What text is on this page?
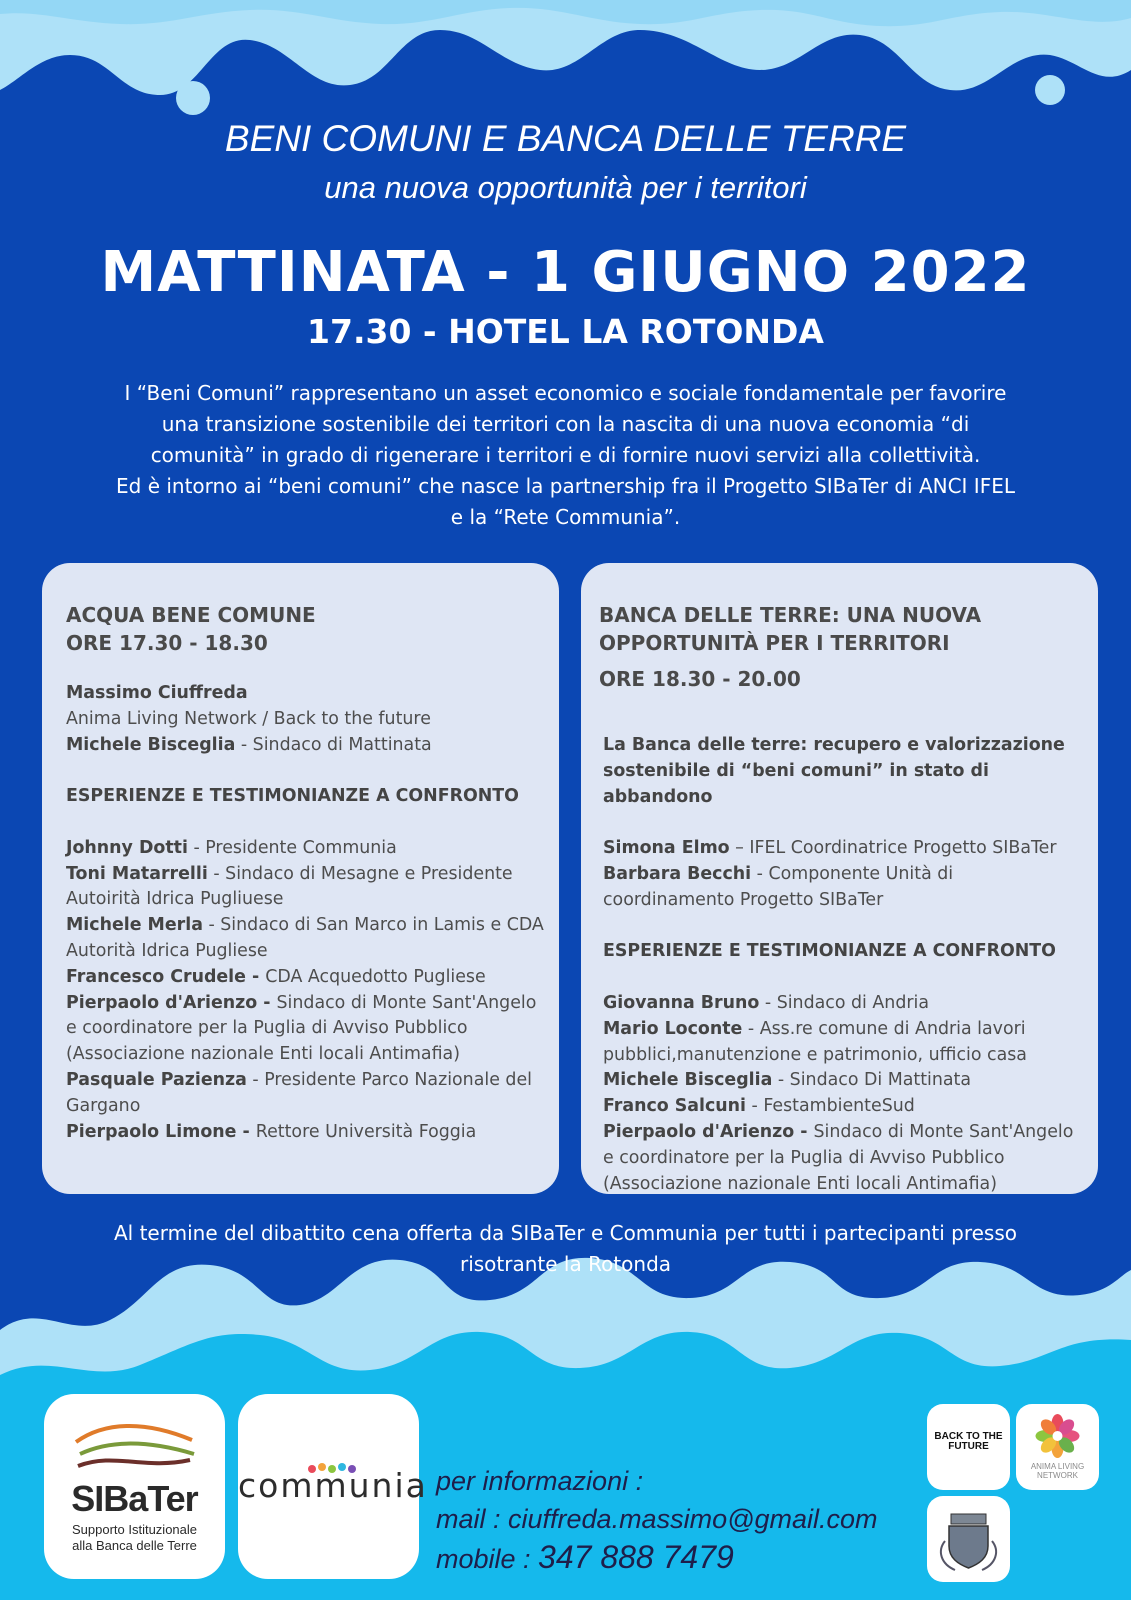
BENI COMUNI E BANCA DELLE TERRE
una nuova opportunità per i territori
MATTINATA - 1 GIUGNO 2022
17.30 - HOTEL LA ROTONDA
I “Beni Comuni” rappresentano un asset economico e sociale fondamentale per favorire
una transizione sostenibile dei territori con la nascita di una nuova economia “di
comunità” in grado di rigenerare i territori e di fornire nuovi servizi alla collettività.
Ed è intorno ai “beni comuni” che nasce la partnership fra il Progetto SIBaTer di ANCI IFEL
e la “Rete Communia”.
ACQUA BENE COMUNE
ORE 17.30 - 18.30
Massimo Ciuffreda
Anima Living Network / Back to the future
Michele Bisceglia - Sindaco di Mattinata
ESPERIENZE E TESTIMONIANZE A CONFRONTO
Johnny Dotti - Presidente Communia
Toni Matarrelli - Sindaco di Mesagne e Presidente Autoirità Idrica Pugliuese
Michele Merla - Sindaco di San Marco in Lamis e CDA Autorità Idrica Pugliese
Francesco Crudele - CDA Acquedotto Pugliese
Pierpaolo d'Arienzo - Sindaco di Monte Sant'Angelo e coordinatore per la Puglia di Avviso Pubblico (Associazione nazionale Enti locali Antimafia)
Pasquale Pazienza - Presidente Parco Nazionale del Gargano
Pierpaolo Limone - Rettore Università Foggia
BANCA DELLE TERRE: UNA NUOVA
OPPORTUNITÀ PER I TERRITORI
ORE 18.30 - 20.00
La Banca delle terre: recupero e valorizzazione sostenibile di “beni comuni” in stato di abbandono
Simona Elmo – IFEL Coordinatrice Progetto SIBaTer
Barbara Becchi - Componente Unità di coordinamento Progetto SIBaTer
ESPERIENZE E TESTIMONIANZE A CONFRONTO
Giovanna Bruno - Sindaco di Andria
Mario Loconte - Ass.re comune di Andria lavori pubblici,manutenzione e patrimonio, ufficio casa
Michele Bisceglia - Sindaco Di Mattinata
Franco Salcuni - FestambienteSud
Pierpaolo d'Arienzo - Sindaco di Monte Sant'Angelo e coordinatore per la Puglia di Avviso Pubblico (Associazione nazionale Enti locali Antimafia)
Al termine del dibattito cena offerta da SIBaTer e Communia per tutti i partecipanti presso risotrante la Rotonda
SIBaTer
Supporto Istituzionale
alla Banca delle Terre
communia per informazioni :
mail : ciuffreda.massimo@gmail.com
mobile : 347 888 7479
BACK TO THE FUTURE
ANIMA LIVING NETWORK
